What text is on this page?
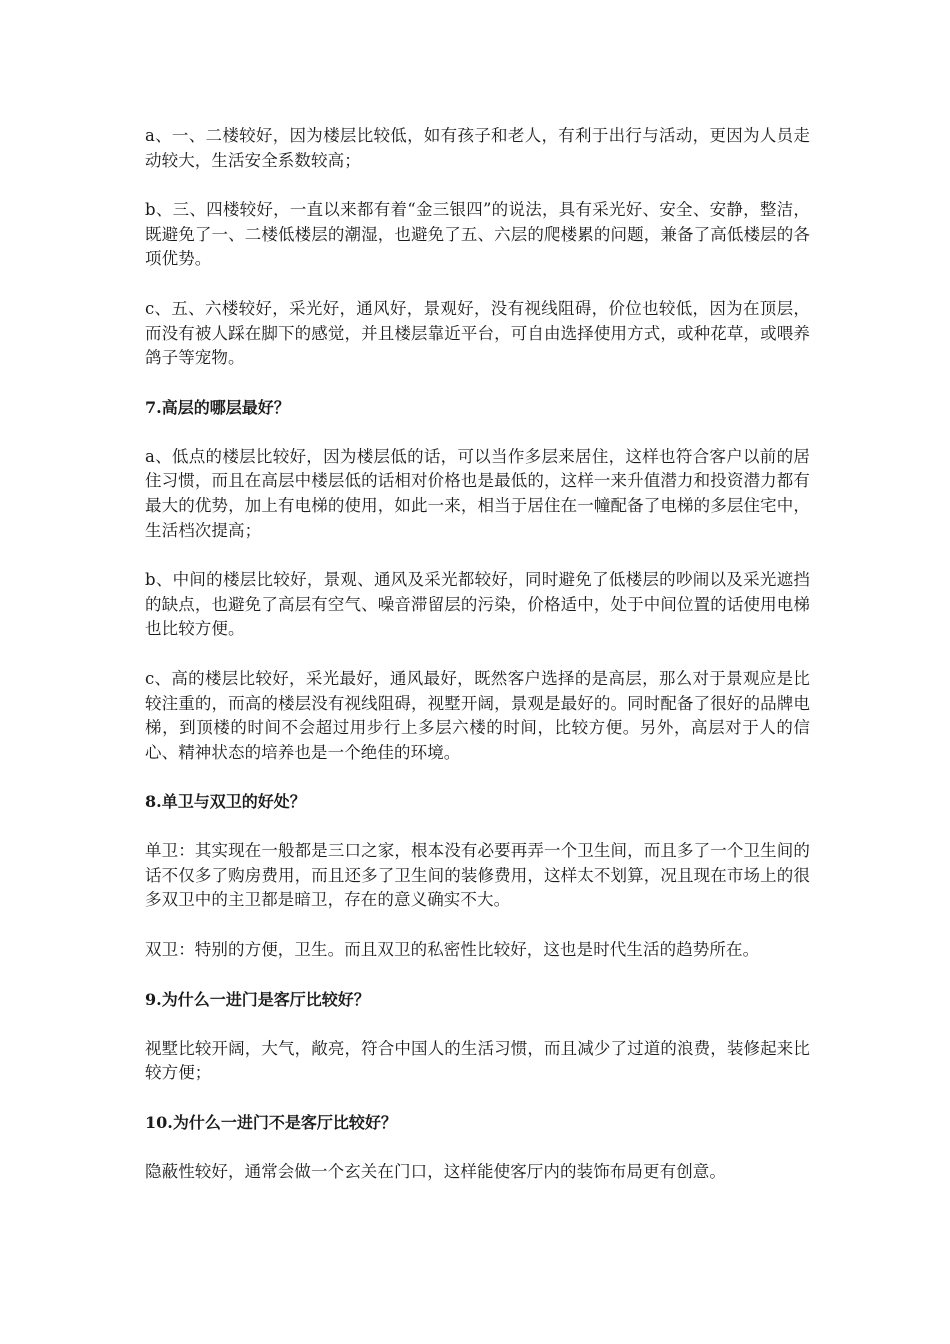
a、一、二楼较好，因为楼层比较低，如有孩子和老人，有利于出行与活动，更因为人员走动较大，生活安全系数较高；

b、三、四楼较好，一直以来都有着“金三银四”的说法，具有采光好、安全、安静，整洁，既避免了一、二楼低楼层的潮湿，也避免了五、六层的爬楼累的问题，兼备了高低楼层的各项优势。

c、五、六楼较好，采光好，通风好，景观好，没有视线阻碍，价位也较低，因为在顶层，而没有被人踩在脚下的感觉，并且楼层靠近平台，可自由选择使用方式，或种花草，或喂养鸽子等宠物。

7.高层的哪层最好？

a、低点的楼层比较好，因为楼层低的话，可以当作多层来居住，这样也符合客户以前的居住习惯，而且在高层中楼层低的话相对价格也是最低的，这样一来升值潜力和投资潜力都有最大的优势，加上有电梯的使用，如此一来，相当于居住在一幢配备了电梯的多层住宅中，生活档次提高；

b、中间的楼层比较好，景观、通风及采光都较好，同时避免了低楼层的吵闹以及采光遮挡的缺点，也避免了高层有空气、噪音滞留层的污染，价格适中，处于中间位置的话使用电梯也比较方便。

c、高的楼层比较好，采光最好，通风最好，既然客户选择的是高层，那么对于景观应是比较注重的，而高的楼层没有视线阻碍，视墅开阔，景观是最好的。同时配备了很好的品牌电梯，到顶楼的时间不会超过用步行上多层六楼的时间，比较方便。另外，高层对于人的信心、精神状态的培养也是一个绝佳的环境。

8.单卫与双卫的好处？

单卫：其实现在一般都是三口之家，根本没有必要再弄一个卫生间，而且多了一个卫生间的话不仅多了购房费用，而且还多了卫生间的装修费用，这样太不划算，况且现在市场上的很多双卫中的主卫都是暗卫，存在的意义确实不大。

双卫：特别的方便，卫生。而且双卫的私密性比较好，这也是时代生活的趋势所在。

9.为什么一进门是客厅比较好？

视墅比较开阔，大气，敞亮，符合中国人的生活习惯，而且减少了过道的浪费，装修起来比较方便；

10.为什么一进门不是客厅比较好？

隐蔽性较好，通常会做一个玄关在门口，这样能使客厅内的装饰布局更有创意。
